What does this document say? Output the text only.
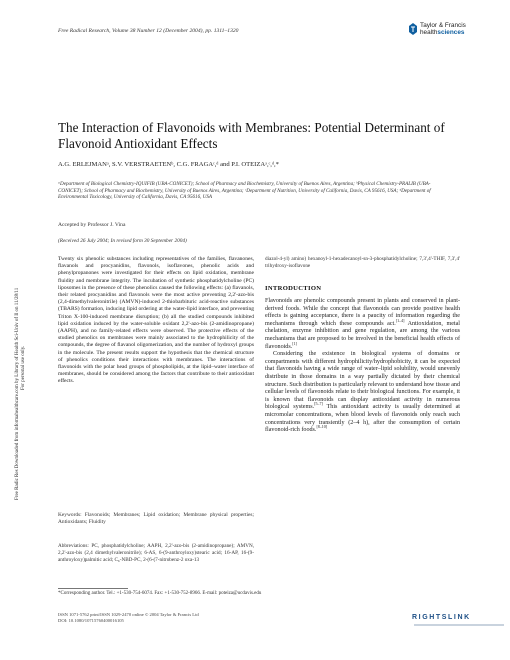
Free Radical Research, Volume 38 Number 12 (December 2004), pp. 1311–1320
Taylor & Francis
healthsciences
Free Radic Res Downloaded from informahealthcare.com by Library of Health Sci-Univ of Il on 11/28/11 For personal use only.
The Interaction of Flavonoids with Membranes: Potential Determinant of Flavonoid Antioxidant Effects
A.G. ERLEJMANᵃ, S.V. VERSTRAETENᵇ, C.G. FRAGAᶜ,ᵈ and P.I. OTEIZAᵃ,ᶜ,ᵈ,*
ᵃDepartment of Biological Chemistry-IQUIFIB (UBA-CONICET); School of Pharmacy and Biochemistry, University of Buenos Aires, Argentina; ᵇPhysical Chemistry-PRALIB (UBA-CONICET); School of Pharmacy and Biochemistry, University of Buenos Aires, Argentina; ᶜDepartment of Nutrition, University of California, Davis, CA 95616, USA; ᵈDepartment of Environmental Toxicology, University of California, Davis, CA 95616, USA
Accepted by Professor J. Vina
(Received 26 July 2004; In revised form 30 September 2004)

Twenty six phenolic substances including representatives of the families, flavanones, flavanols and procyanidins, flavonols, isoflavones, phenolic acids and phenylpropanones were investigated for their effects on lipid oxidation, membrane fluidity and membrane integrity. The incubation of synthetic phosphatidylcholine (PC) liposomes in the presence of these phenolics caused the following effects: (a) flavanols, their related procyanidins and flavonols were the most active preventing 2,2'-azo-bis (2,4-dimethylvaleronitrile) (AMVN)-induced 2-thiobarbituric acid-reactive substances (TBARS) formation, inducing lipid ordering at the water-lipid interface, and preventing Triton X-100-induced membrane disruption; (b) all the studied compounds inhibited lipid oxidation induced by the water-soluble oxidant 2,2'-azo-bis (2-amidinopropane) (AAPH), and no family-related effects were observed. The protective effects of the studied phenolics on membranes were mainly associated to the hydrophilicity of the compounds, the degree of flavanol oligomerization, and the number of hydroxyl groups in the molecule. The present results support the hypothesis that the chemical structure of phenolics conditions their interactions with membranes. The interactions of flavonoids with the polar head groups of phospholipids, at the lipid–water interface of membranes, should be considered among the factors that contribute to their antioxidant effects.

Keywords: Flavonoids; Membranes; Lipid oxidation; Membrane physical properties; Antioxidants; Fluidity
Abbreviations: PC, phosphatidylcholine; AAPH, 2,2'-azo-bis (2-amidinopropane); AMVN, 2,2'-azo-bis (2,4 dimethylvaleronitrile); 6-AS, 6-(9-anthroyloxy)stearic acid; 16-AP, 16-(9-anthroyloxy)palmitic acid; C₆-NBD-PC, 2-(6-(7-nitrobenz-2 oxa-13
diazol-4-yl) amino) hexanoyl-1-hexadecanoyl-sn-3-phosphatidylcholine; 7,3',4'-THIF, 7,3',4' trihydroxy-isoflavone
INTRODUCTION

Flavonoids are phenolic compounds present in plants and conserved in plant-derived foods. While the concept that flavonoids can provide positive health effects is gaining acceptance, there is a paucity of information regarding the mechanisms through which these compounds act.[1–4] Antioxidation, metal chelation, enzyme inhibition and gene regulation, are among the various mechanisms that are proposed to be involved in the beneficial health effects of flavonoids.[1]

Considering the existence in biological systems of domains or compartments with different hydrophilicity/hydrophobicity, it can be expected that flavonoids having a wide range of water–lipid solubility, would unevenly distribute in those domains in a way partially dictated by their chemical structure. Such distribution is particularly relevant to understand how tissue and cellular levels of flavonoids relate to their biological functions. For example, it is known that flavonoids can display antioxidant activity in numerous biological systems.[5–7] This antioxidant activity is usually determined at micromolar concentrations, when blood levels of flavonoids only reach such concentrations very transiently (2–4 h), after the consumption of certain flavonoid-rich foods.[8–10]

*Corresponding author. Tel.: +1-530-754-6074. Fax: +1-530-752-8966. E-mail: poteiza@ucdavis.edu
ISSN 1071-5762 print/ISSN 1029-2470 online © 2004 Taylor & Francis Ltd
DOI: 10.1080/10715760400016105	RIGHTSLINK
